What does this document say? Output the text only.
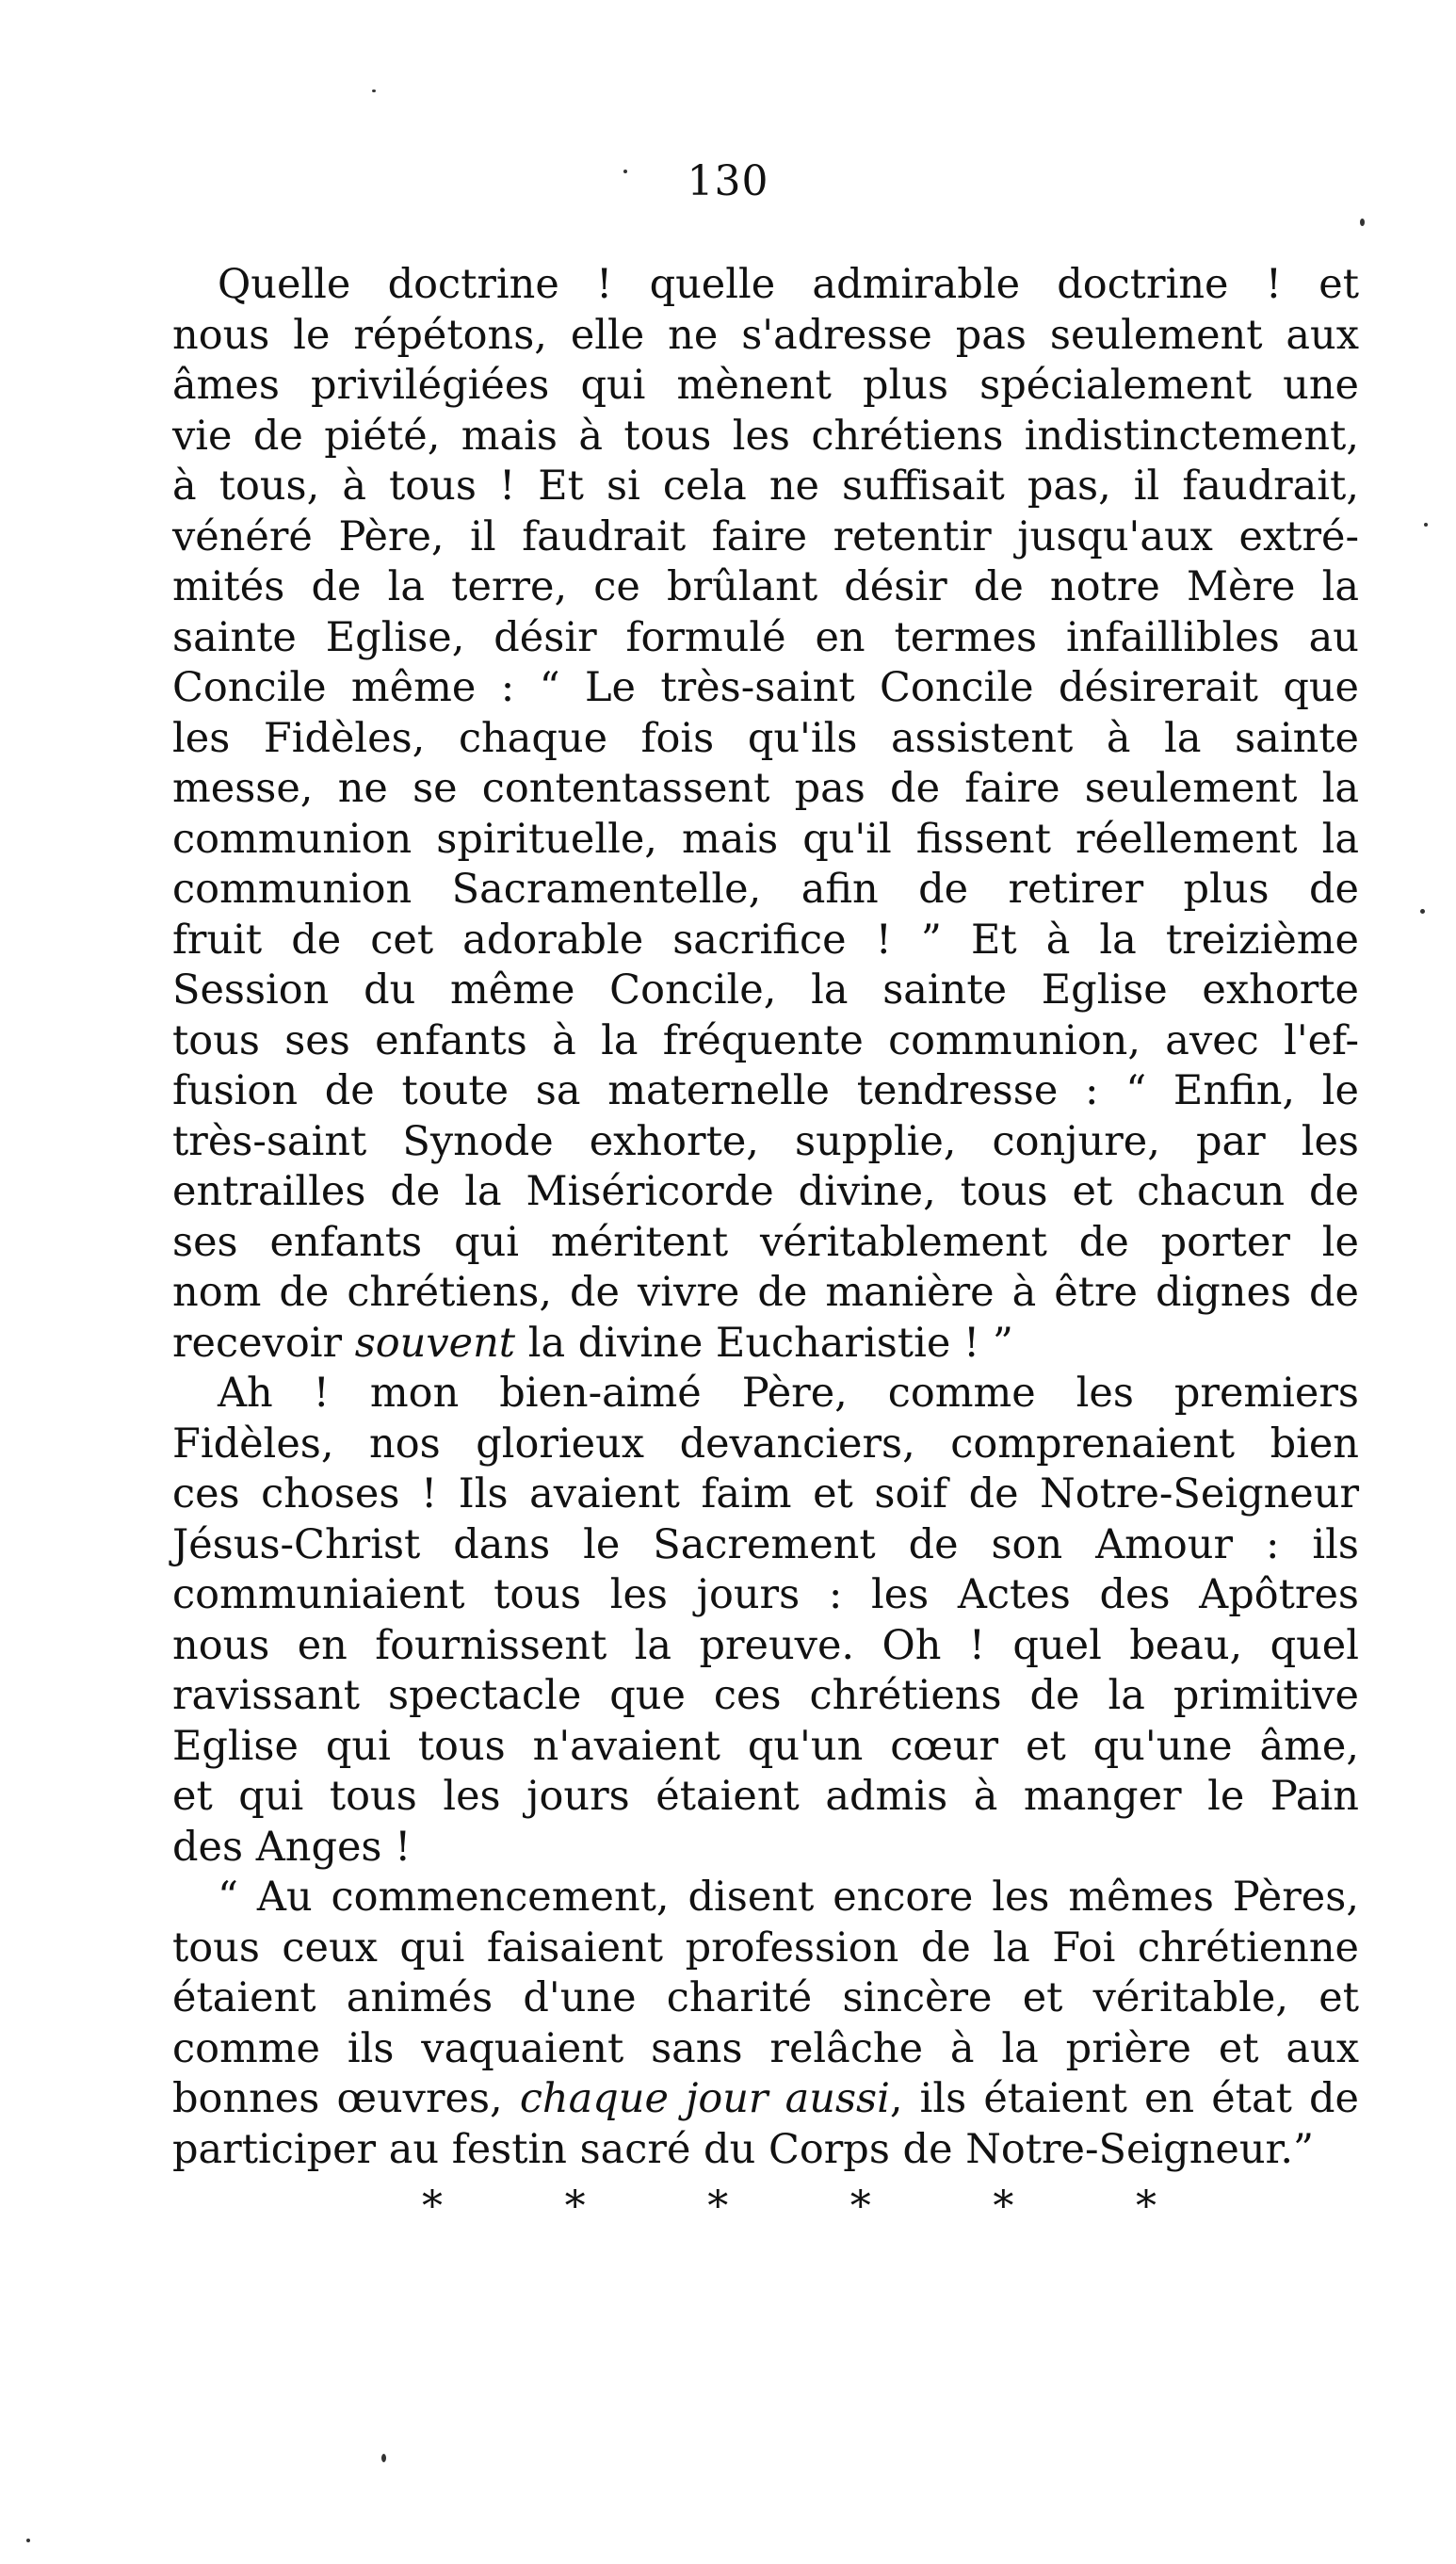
130
Quelle doctrine ! quelle admirable doctrine ! et
nous le répétons, elle ne s'adresse pas seulement aux
âmes privilégiées qui mènent plus spécialement une
vie de piété, mais à tous les chrétiens indistinctement,
à tous, à tous ! Et si cela ne suffisait pas, il faudrait,
vénéré Père, il faudrait faire retentir jusqu'aux extré-
mités de la terre, ce brûlant désir de notre Mère la
sainte Eglise, désir formulé en termes infaillibles au
Concile même : “ Le très-saint Concile désirerait que
les Fidèles, chaque fois qu'ils assistent à la sainte
messe, ne se contentassent pas de faire seulement la
communion spirituelle, mais qu'il fissent réellement la
communion Sacramentelle, afin de retirer plus de
fruit de cet adorable sacrifice ! ” Et à la treizième
Session du même Concile, la sainte Eglise exhorte
tous ses enfants à la fréquente communion, avec l'ef-
fusion de toute sa maternelle tendresse : “ Enfin, le
très-saint Synode exhorte, supplie, conjure, par les
entrailles de la Miséricorde divine, tous et chacun de
ses enfants qui méritent véritablement de porter le
nom de chrétiens, de vivre de manière à être dignes de
recevoir souvent la divine Eucharistie ! ”
Ah ! mon bien-aimé Père, comme les premiers
Fidèles, nos glorieux devanciers, comprenaient bien
ces choses ! Ils avaient faim et soif de Notre-Seigneur
Jésus-Christ dans le Sacrement de son Amour : ils
communiaient tous les jours : les Actes des Apôtres
nous en fournissent la preuve. Oh ! quel beau, quel
ravissant spectacle que ces chrétiens de la primitive
Eglise qui tous n'avaient qu'un cœur et qu'une âme,
et qui tous les jours étaient admis à manger le Pain
des Anges !
“ Au commencement, disent encore les mêmes Pères,
tous ceux qui faisaient profession de la Foi chrétienne
étaient animés d'une charité sincère et véritable, et
comme ils vaquaient sans relâche à la prière et aux
bonnes œuvres, chaque jour aussi, ils étaient en état de
participer au festin sacré du Corps de Notre-Seigneur.”
*	*	*	*	*	*
